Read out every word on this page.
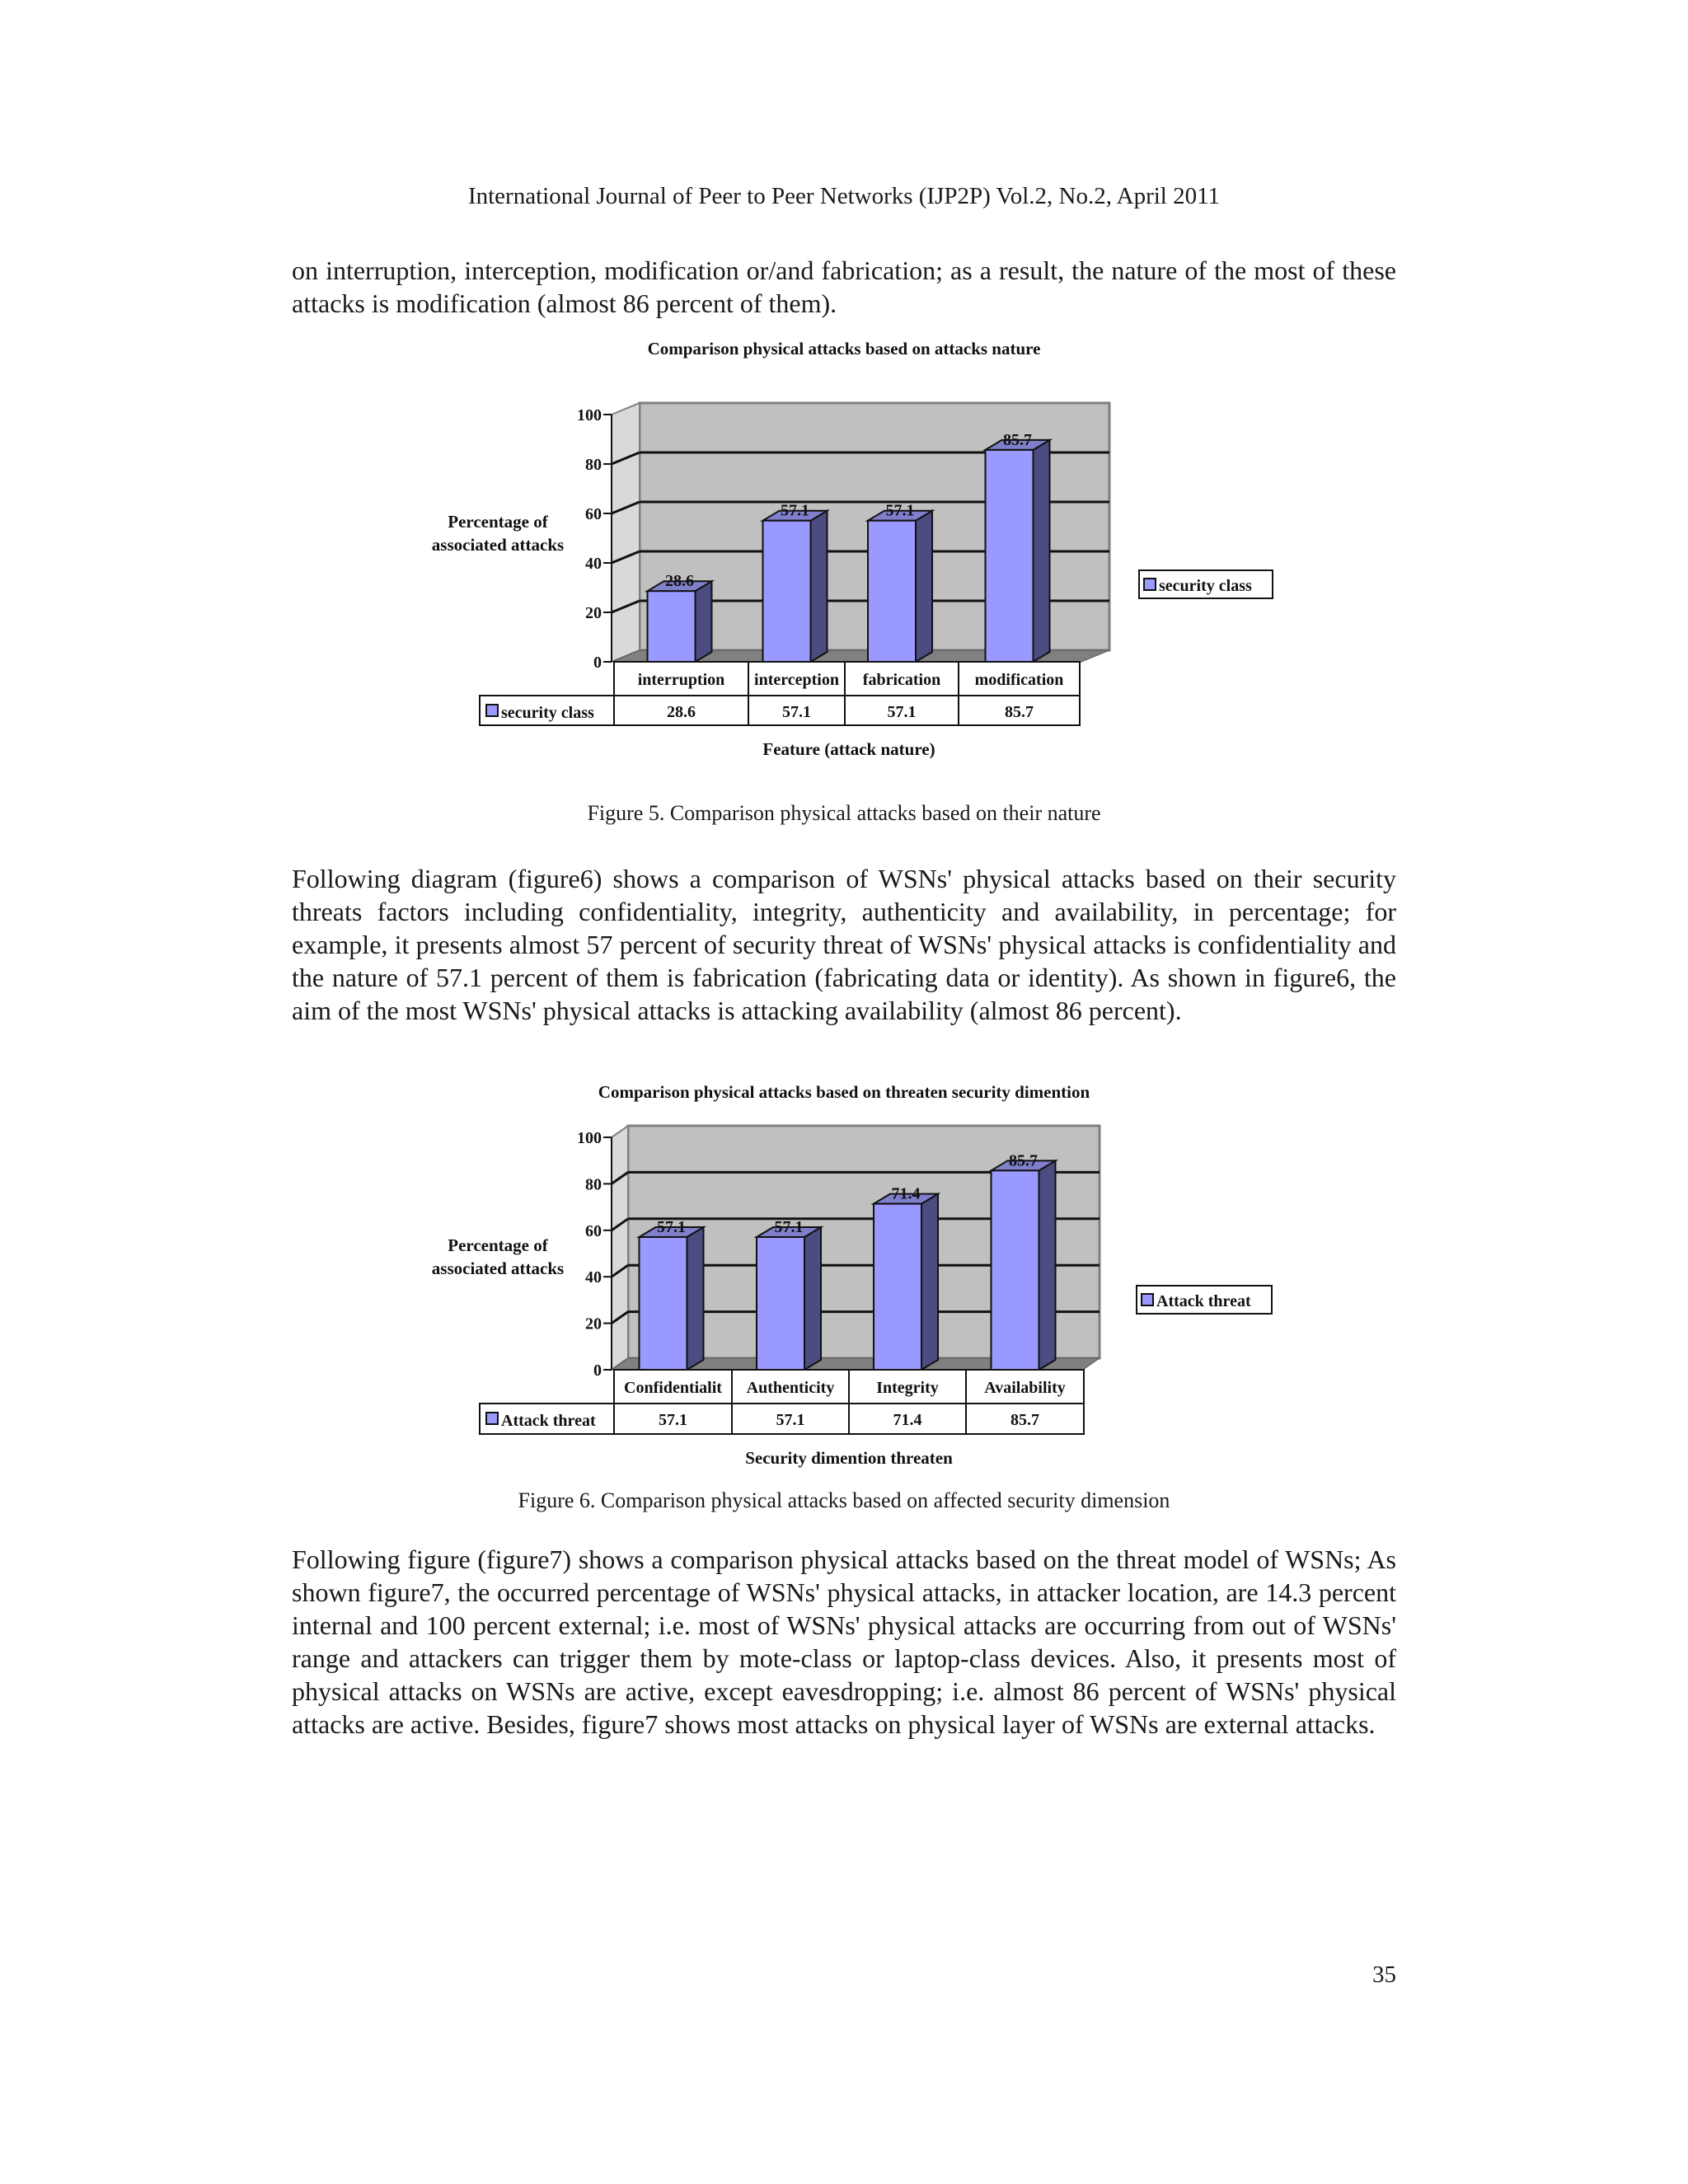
International Journal of Peer to Peer Networks (IJP2P) Vol.2, No.2, April 2011

on interruption, interception, modification or/and fabrication; as a result, the nature of the most of these attacks is modification (almost 86 percent of them).

Comparison physical attacks based on attacks nature
0
20
40
60
80
100
Percentage of
associated attacks
28.6
57.1	57.1
85.7
interruption
28.6
interception
57.1
fabrication
57.1
modification
85.7
security class
Feature (attack nature)
security class
Figure 5. Comparison physical attacks based on their nature

Following diagram (figure6) shows a comparison of WSNs' physical attacks based on their security threats factors including confidentiality, integrity, authenticity and availability, in percentage; for example, it presents almost 57 percent of security threat of WSNs' physical attacks is confidentiality and the nature of 57.1 percent of them is fabrication (fabricating data or identity). As shown in figure6, the aim of the most WSNs' physical attacks is attacking availability (almost 86 percent).

Comparison physical attacks based on threaten security dimention
0
20
40
60
80
100
Percentage of
associated attacks
57.1	57.1
71.4
85.7
Confidentialit
57.1
Authenticity
57.1
Integrity
71.4
Availability
85.7
Attack threat
Security dimention threaten
Attack threat
Figure 6. Comparison physical attacks based on affected security dimension

Following figure (figure7) shows a comparison physical attacks based on the threat model of WSNs; As shown figure7, the occurred percentage of WSNs' physical attacks, in attacker location, are 14.3 percent internal and 100 percent external; i.e. most of WSNs' physical attacks are occurring from out of WSNs' range and attackers can trigger them by mote-class or laptop-class devices. Also, it presents most of physical attacks on WSNs are active, except eavesdropping; i.e. almost 86 percent of WSNs' physical attacks are active. Besides, figure7 shows most attacks on physical layer of WSNs are external attacks.

35
